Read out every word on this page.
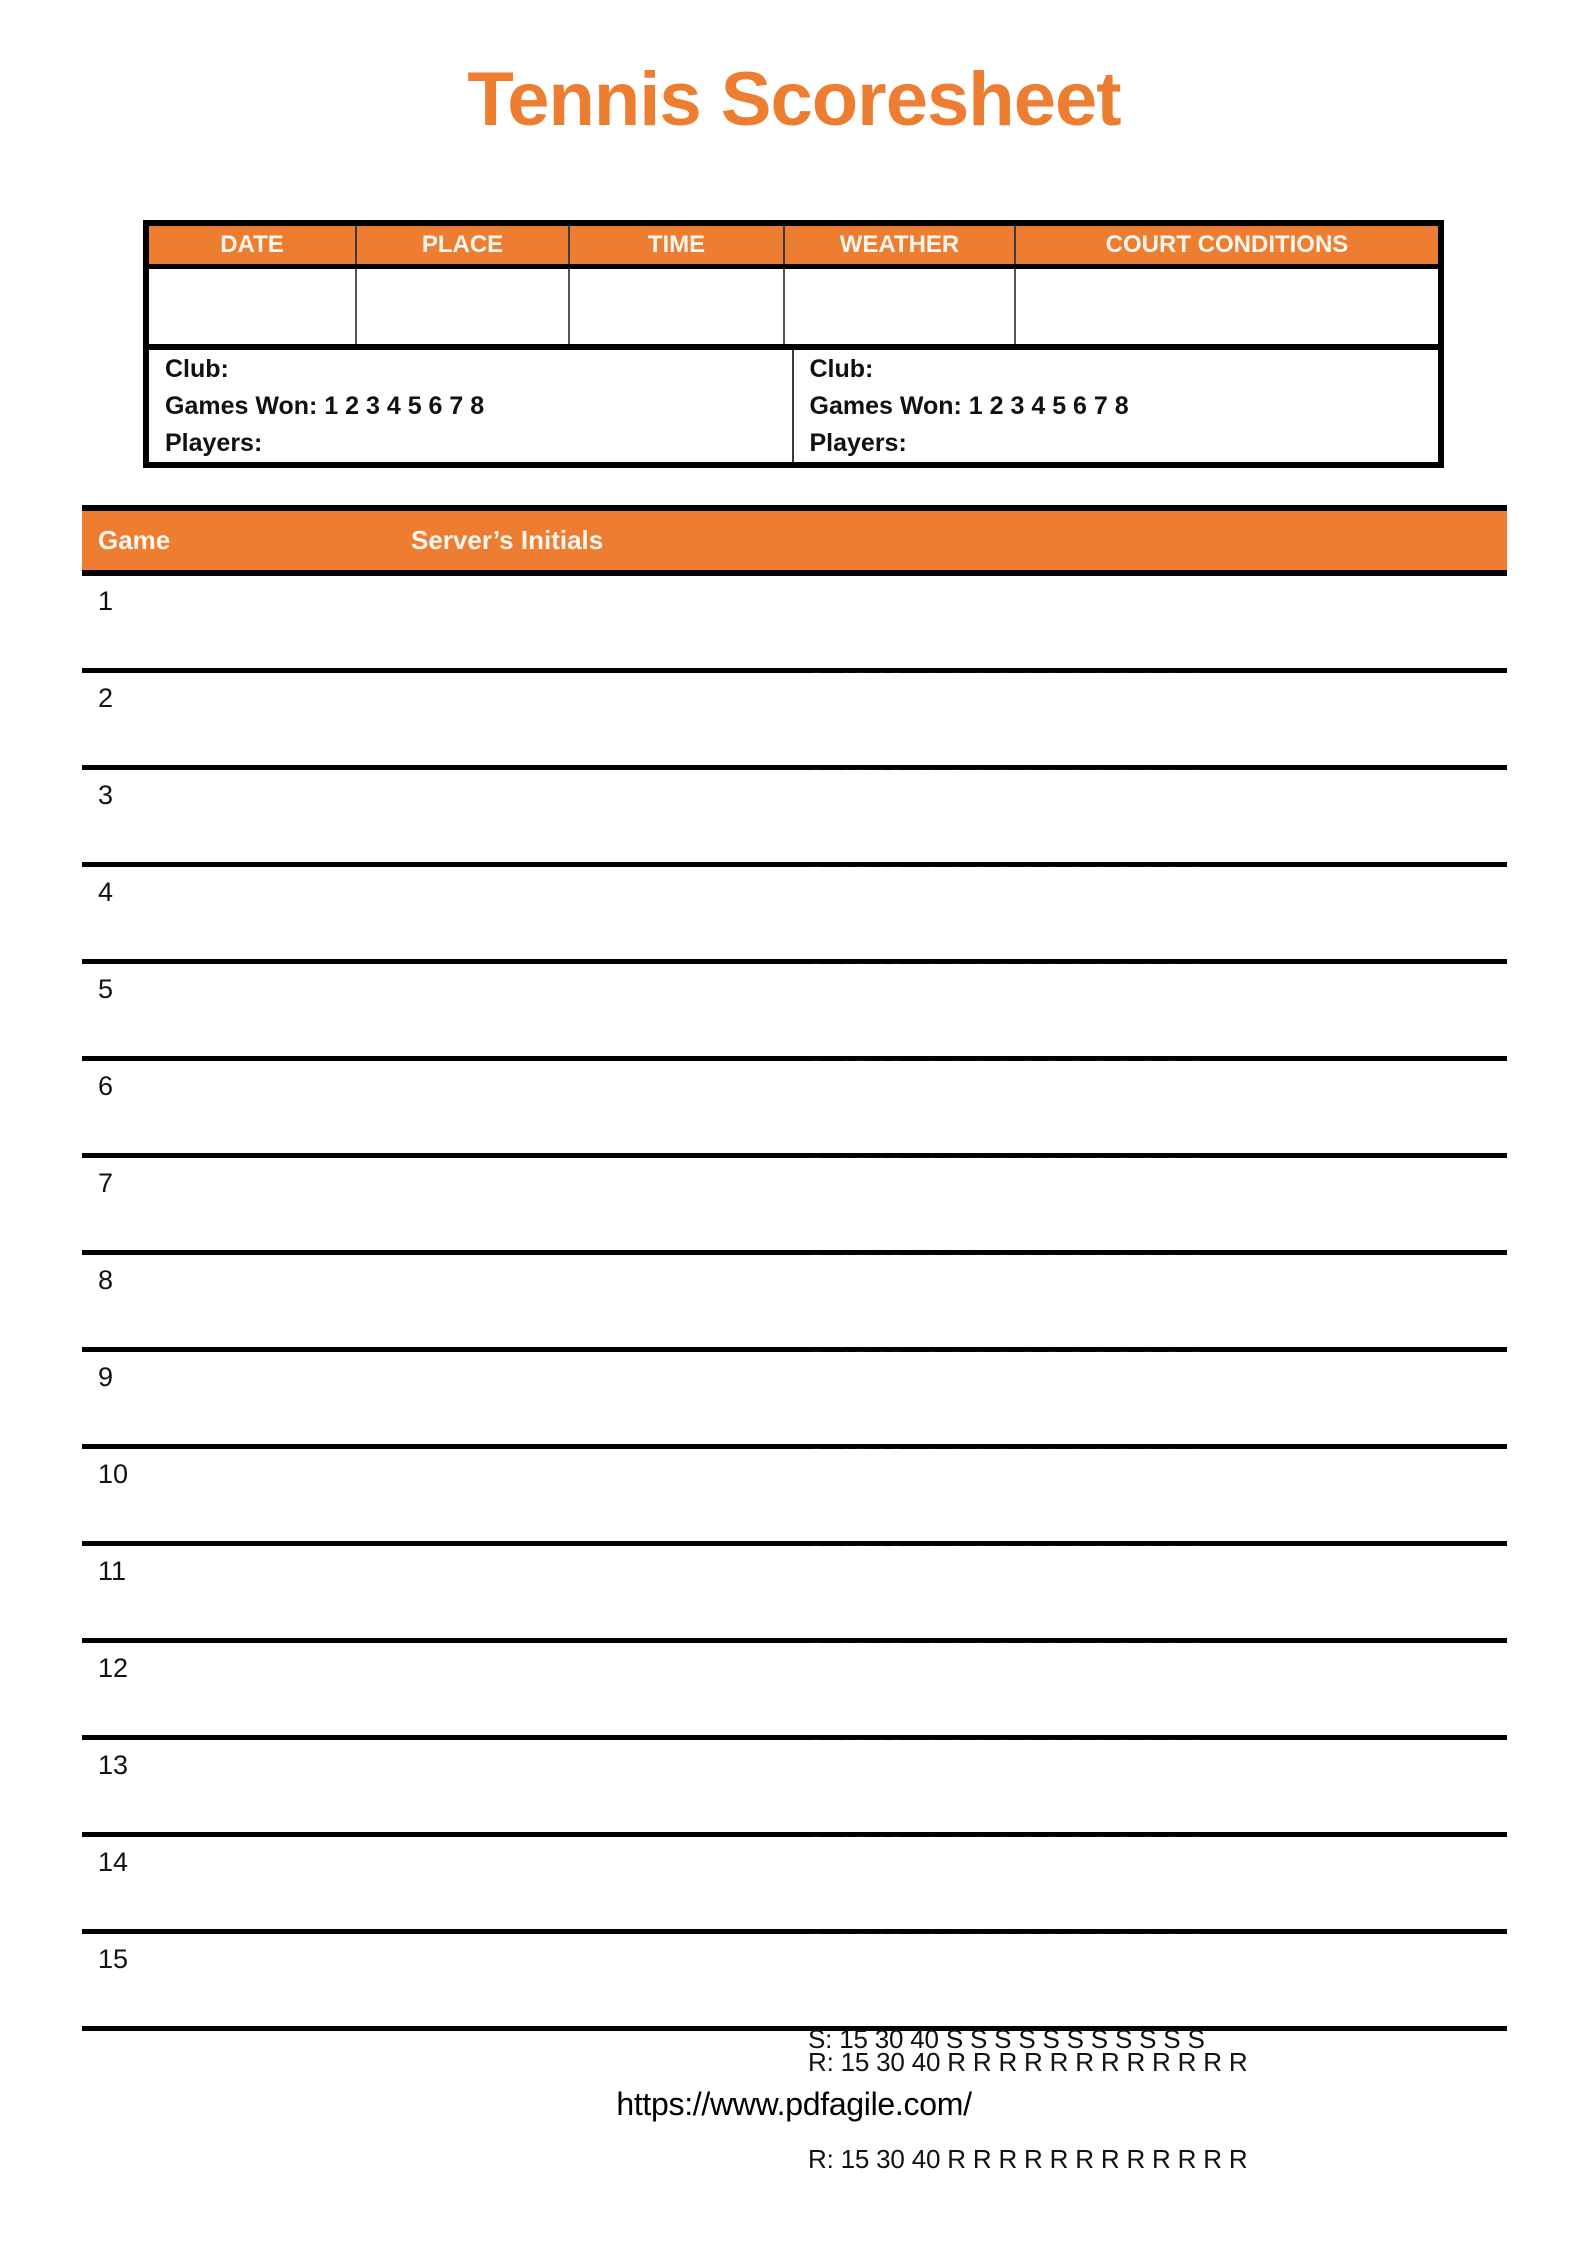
Tennis Scoresheet
DATE	PLACE	TIME	WEATHER	COURT CONDITIONS
Club:
Games Won: 1 2 3 4 5 6 7 8
Players:
Club:
Games Won: 1 2 3 4 5 6 7 8
Players:
Game	Server’s Initials
1

2

3

4

5

6

7

8

9

10

11

12

13

14

R: 15 30 40 R R R R R R R R R R R R

15

S: 15 30 40 S S S S S S S S S S S

R: 15 30 40 R R R R R R R R R R R R

https://www.pdfagile.com/
